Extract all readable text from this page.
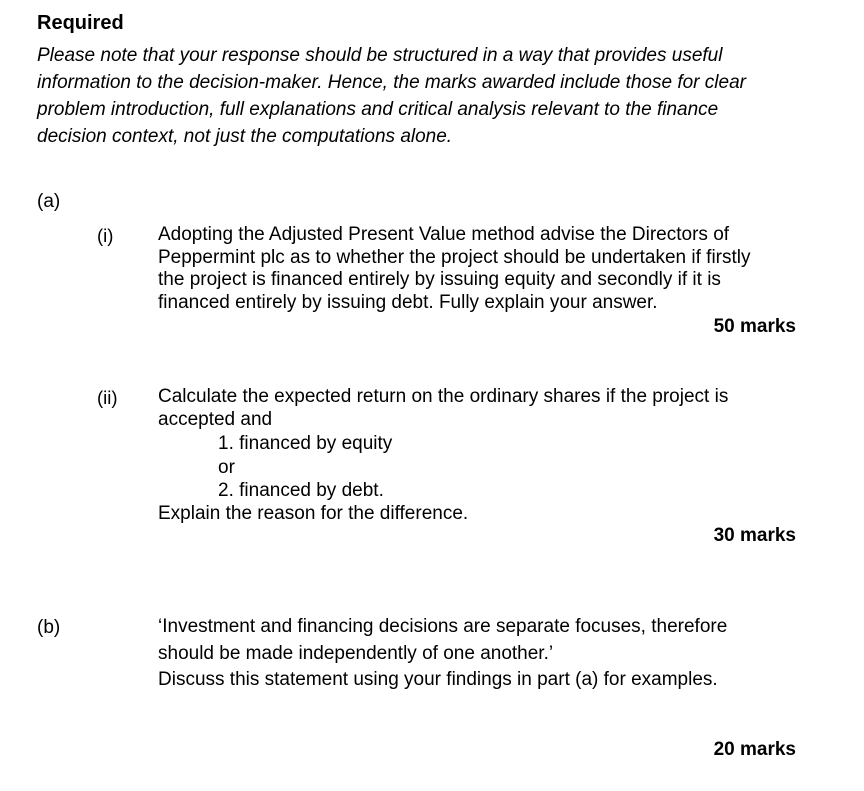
Required
Please note that your response should be structured in a way that provides useful
information to the decision-maker. Hence, the marks awarded include those for clear
problem introduction, full explanations and critical analysis relevant to the finance
decision context, not just the computations alone.
(a)
(i) Adopting the Adjusted Present Value method advise the Directors of
Peppermint plc as to whether the project should be undertaken if firstly
the project is financed entirely by issuing equity and secondly if it is
financed entirely by issuing debt. Fully explain your answer.
50 marks
(ii) Calculate the expected return on the ordinary shares if the project is
accepted and
1. financed by equity
or
2. financed by debt.
Explain the reason for the difference.
30 marks
(b)	‘Investment and financing decisions are separate focuses, therefore
should be made independently of one another.’
Discuss this statement using your findings in part (a) for examples.
20 marks
